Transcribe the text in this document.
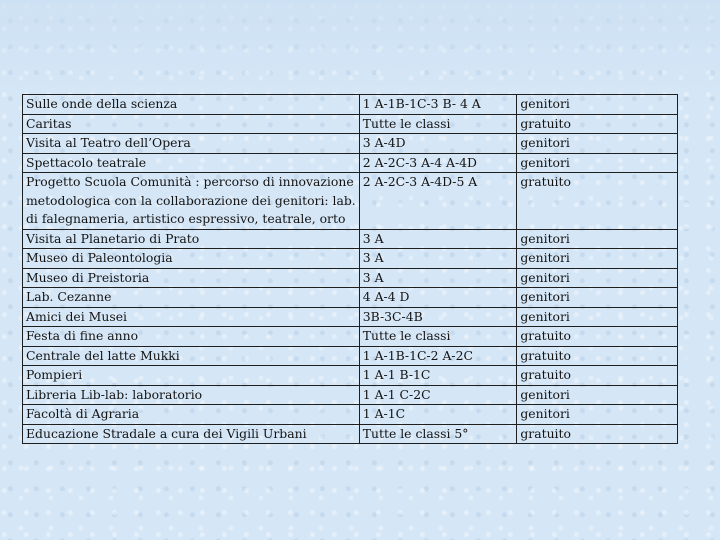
Sulle onde della scienza	1 A-1B-1C-3 B- 4 A	genitori
Caritas	Tutte le classi	gratuito
Visita al Teatro dell’Opera	3 A-4D	genitori
Spettacolo teatrale	2 A-2C-3 A-4 A-4D	genitori

Progetto Scuola Comunità : percorso di innovazione
metodologica con la collaborazione dei genitori: lab.
di falegnameria, artistico espressivo, teatrale, orto	2 A-2C-3 A-4D-5 A	gratuito
Visita al Planetario di Prato	3 A	genitori
Museo di Paleontologia	3 A	genitori
Museo di Preistoria	3 A	genitori
Lab. Cezanne	4 A-4 D	genitori
Amici dei Musei	3B-3C-4B	genitori
Festa di fine anno	Tutte le classi	gratuito
Centrale del latte Mukki	1 A-1B-1C-2 A-2C	gratuito
Pompieri	1 A-1 B-1C	gratuito
Libreria Lib-lab: laboratorio	1 A-1 C-2C	genitori
Facoltà di Agraria	1 A-1C	genitori
Educazione Stradale a cura dei Vigili Urbani	Tutte le classi 5°	gratuito
